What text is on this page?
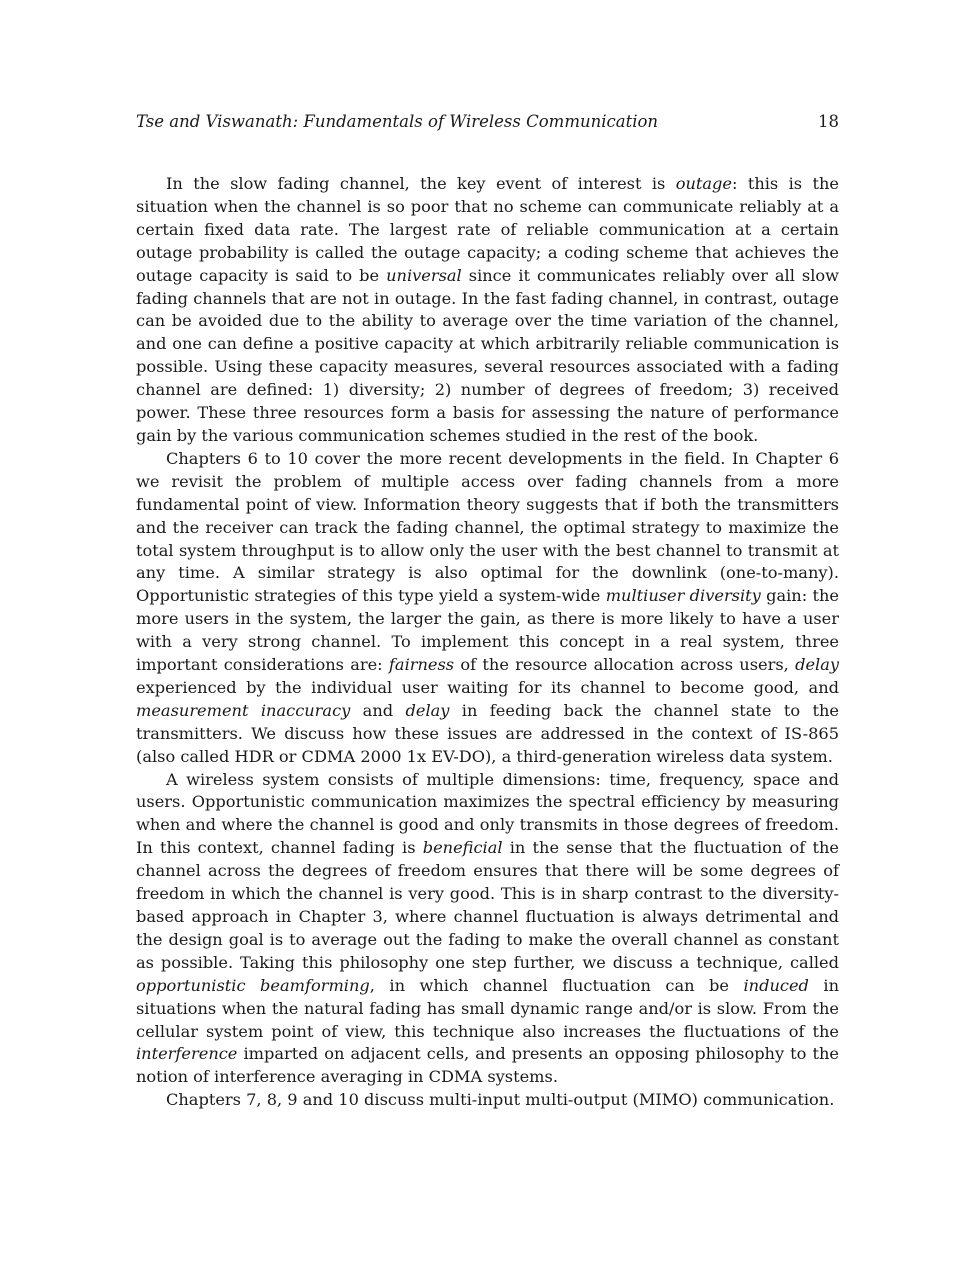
Tse and Viswanath: Fundamentals of Wireless Communication	18

In the slow fading channel, the key event of interest is outage: this is the situation when the channel is so poor that no scheme can communicate reliably at a certain fixed data rate. The largest rate of reliable communication at a certain outage probability is called the outage capacity; a coding scheme that achieves the outage capacity is said to be universal since it communicates reliably over all slow fading channels that are not in outage. In the fast fading channel, in contrast, outage can be avoided due to the ability to average over the time variation of the channel, and one can define a positive capacity at which arbitrarily reliable communication is possible. Using these capacity measures, several resources associated with a fading channel are defined: 1) diversity; 2) number of degrees of freedom; 3) received power. These three resources form a basis for assessing the nature of performance gain by the various communication schemes studied in the rest of the book.

Chapters 6 to 10 cover the more recent developments in the field. In Chapter 6 we revisit the problem of multiple access over fading channels from a more fundamental point of view. Information theory suggests that if both the transmitters and the receiver can track the fading channel, the optimal strategy to maximize the total system throughput is to allow only the user with the best channel to transmit at any time. A similar strategy is also optimal for the downlink (one-to-many). Opportunistic strategies of this type yield a system-wide multiuser diversity gain: the more users in the system, the larger the gain, as there is more likely to have a user with a very strong channel. To implement this concept in a real system, three important considerations are: fairness of the resource allocation across users, delay experienced by the individual user waiting for its channel to become good, and measurement inaccuracy and delay in feeding back the channel state to the transmitters. We discuss how these issues are addressed in the context of IS-865 (also called HDR or CDMA 2000 1x EV-DO), a third-generation wireless data system.

A wireless system consists of multiple dimensions: time, frequency, space and users. Opportunistic communication maximizes the spectral efficiency by measuring when and where the channel is good and only transmits in those degrees of freedom. In this context, channel fading is beneficial in the sense that the fluctuation of the channel across the degrees of freedom ensures that there will be some degrees of freedom in which the channel is very good. This is in sharp contrast to the diversity-based approach in Chapter 3, where channel fluctuation is always detrimental and the design goal is to average out the fading to make the overall channel as constant as possible. Taking this philosophy one step further, we discuss a technique, called opportunistic beamforming, in which channel fluctuation can be induced in situations when the natural fading has small dynamic range and/or is slow. From the cellular system point of view, this technique also increases the fluctuations of the interference imparted on adjacent cells, and presents an opposing philosophy to the notion of interference averaging in CDMA systems.

Chapters 7, 8, 9 and 10 discuss multi-input multi-output (MIMO) communication.
